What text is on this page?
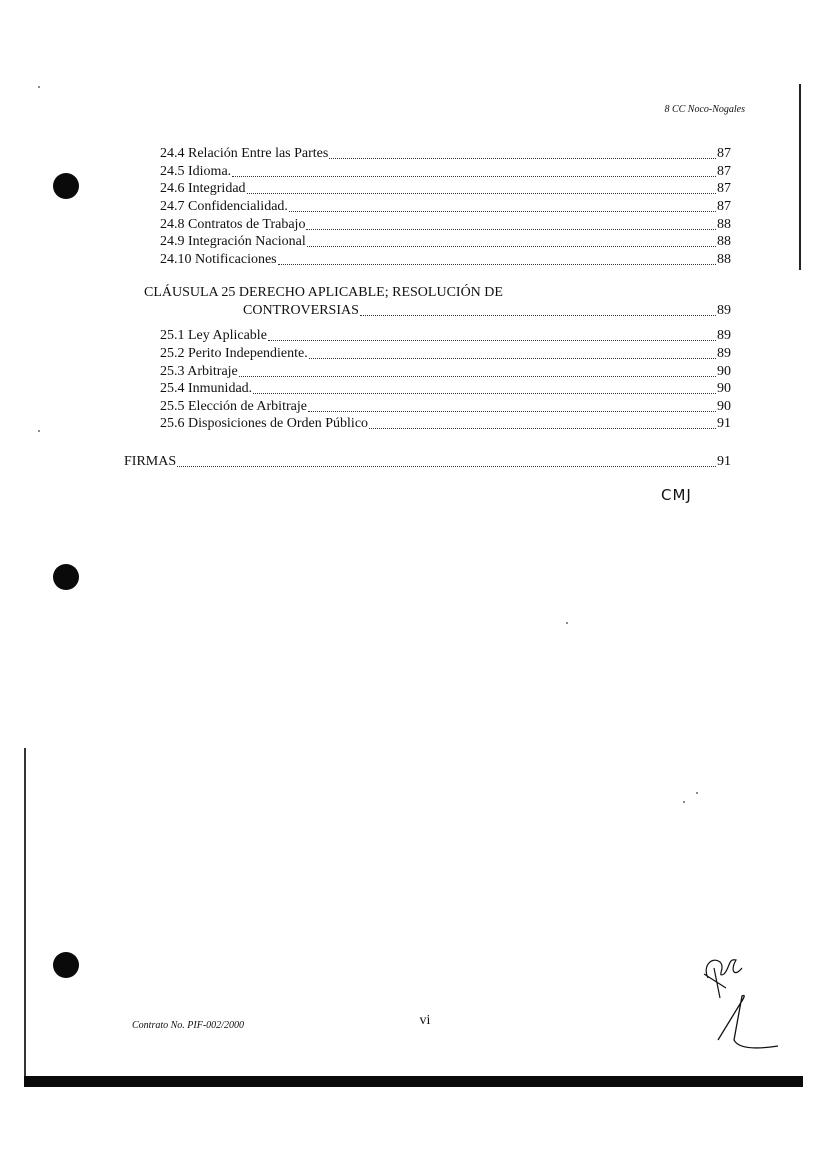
8 CC Noco-Nogales
24.4 Relación Entre las Partes	87
24.5 Idioma.	87
24.6 Integridad	87
24.7 Confidencialidad.	87
24.8 Contratos de Trabajo	88
24.9 Integración Nacional	88
24.10 Notificaciones	88
CLÁUSULA 25 DERECHO APLICABLE; RESOLUCIÓN DE
CONTROVERSIAS	89
25.1 Ley Aplicable	89
25.2 Perito Independiente.	89
25.3 Arbitraje	90
25.4 Inmunidad.	90
25.5 Elección de Arbitraje	90
25.6 Disposiciones de Orden Público	91
FIRMAS	91
CMJ
Contrato No. PIF-002/2000	vi
